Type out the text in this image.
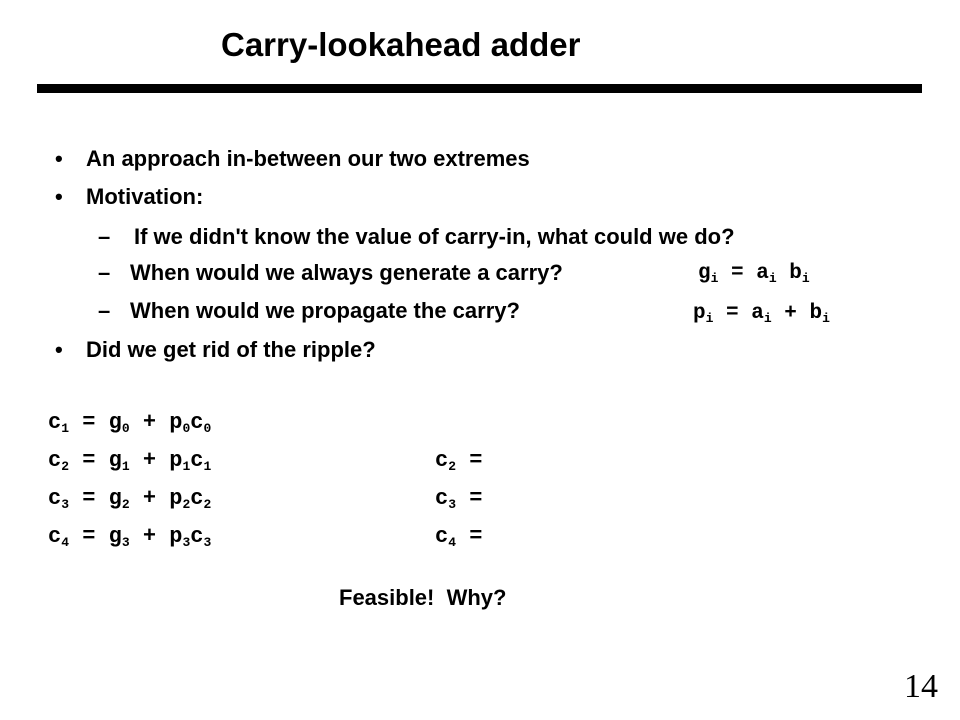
Carry-lookahead adder
• An approach in-between our two extremes
• Motivation:
– If we didn't know the value of carry-in, what could we do?
– When would we always generate a carry?	$g_i = a_i$ $b_i$
– When would we propagate the carry?	$p_i = a_i + b_i$
• Did we get rid of the ripple?
$c_1 = g_0 + p_0c_0$
$c_2 = g_1 + p_1c_1$	$c_2$ =
$c_3 = g_2 + p_2c_2$	$c_3$ =
$c_4 = g_3 + p_3c_3$	$c_4$ =
Feasible!  Why?
14
